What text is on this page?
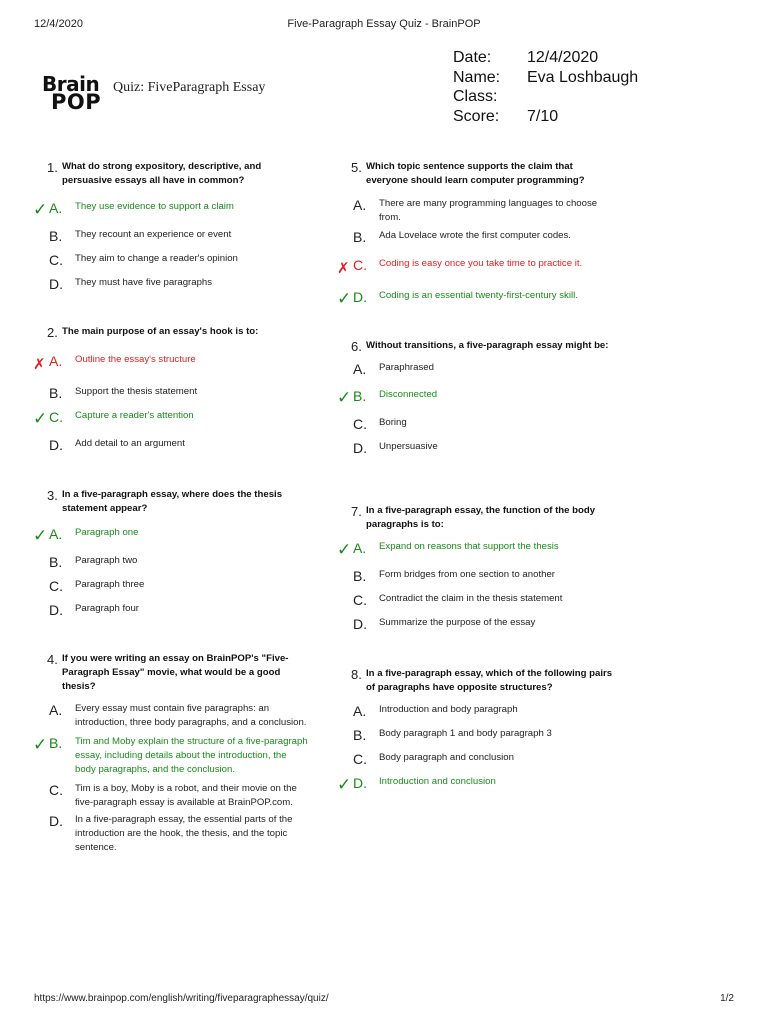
12/4/2020	Five-Paragraph Essay Quiz - BrainPOP
Brain
POP
Quiz: FiveParagraph Essay
Date: 12/4/2020
Name: Eva Loshbaugh
Class:
Score: 7/10
1. What do strong expository, descriptive, and persuasive essays all have in common?
✓ A.	They use evidence to support a claim
B.	They recount an experience or event
C.	They aim to change a reader's opinion
D.	They must have five paragraphs
2. The main purpose of an essay's hook is to:
✗ A.	Outline the essay's structure
B.	Support the thesis statement
✓ C.	Capture a reader's attention
D.	Add detail to an argument
3. In a five-paragraph essay, where does the thesis statement appear?
✓ A.	Paragraph one
B.	Paragraph two
C.	Paragraph three
D.	Paragraph four
4. If you were writing an essay on BrainPOP's "Five-Paragraph Essay" movie, what would be a good thesis?
A.	Every essay must contain five paragraphs: an introduction, three body paragraphs, and a conclusion.
✓ B.	Tim and Moby explain the structure of a five-paragraph essay, including details about the introduction, the body paragraphs, and the conclusion.
C.	Tim is a boy, Moby is a robot, and their movie on the five-paragraph essay is available at BrainPOP.com.
D.	In a five-paragraph essay, the essential parts of the introduction are the hook, the thesis, and the topic sentence.
5. Which topic sentence supports the claim that everyone should learn computer programming?
A.	There are many programming languages to choose from.
B.	Ada Lovelace wrote the first computer codes.
✗ C.	Coding is easy once you take time to practice it.
✓ D.	Coding is an essential twenty-first-century skill.
6. Without transitions, a five-paragraph essay might be:
A.	Paraphrased
✓ B.	Disconnected
C.	Boring
D.	Unpersuasive
7. In a five-paragraph essay, the function of the body paragraphs is to:
✓ A.	Expand on reasons that support the thesis
B.	Form bridges from one section to another
C.	Contradict the claim in the thesis statement
D.	Summarize the purpose of the essay
8. In a five-paragraph essay, which of the following pairs of paragraphs have opposite structures?
A.	Introduction and body paragraph
B.	Body paragraph 1 and body paragraph 3
C.	Body paragraph and conclusion
✓ D.	Introduction and conclusion
https://www.brainpop.com/english/writing/fiveparagraphessay/quiz/	1/2
